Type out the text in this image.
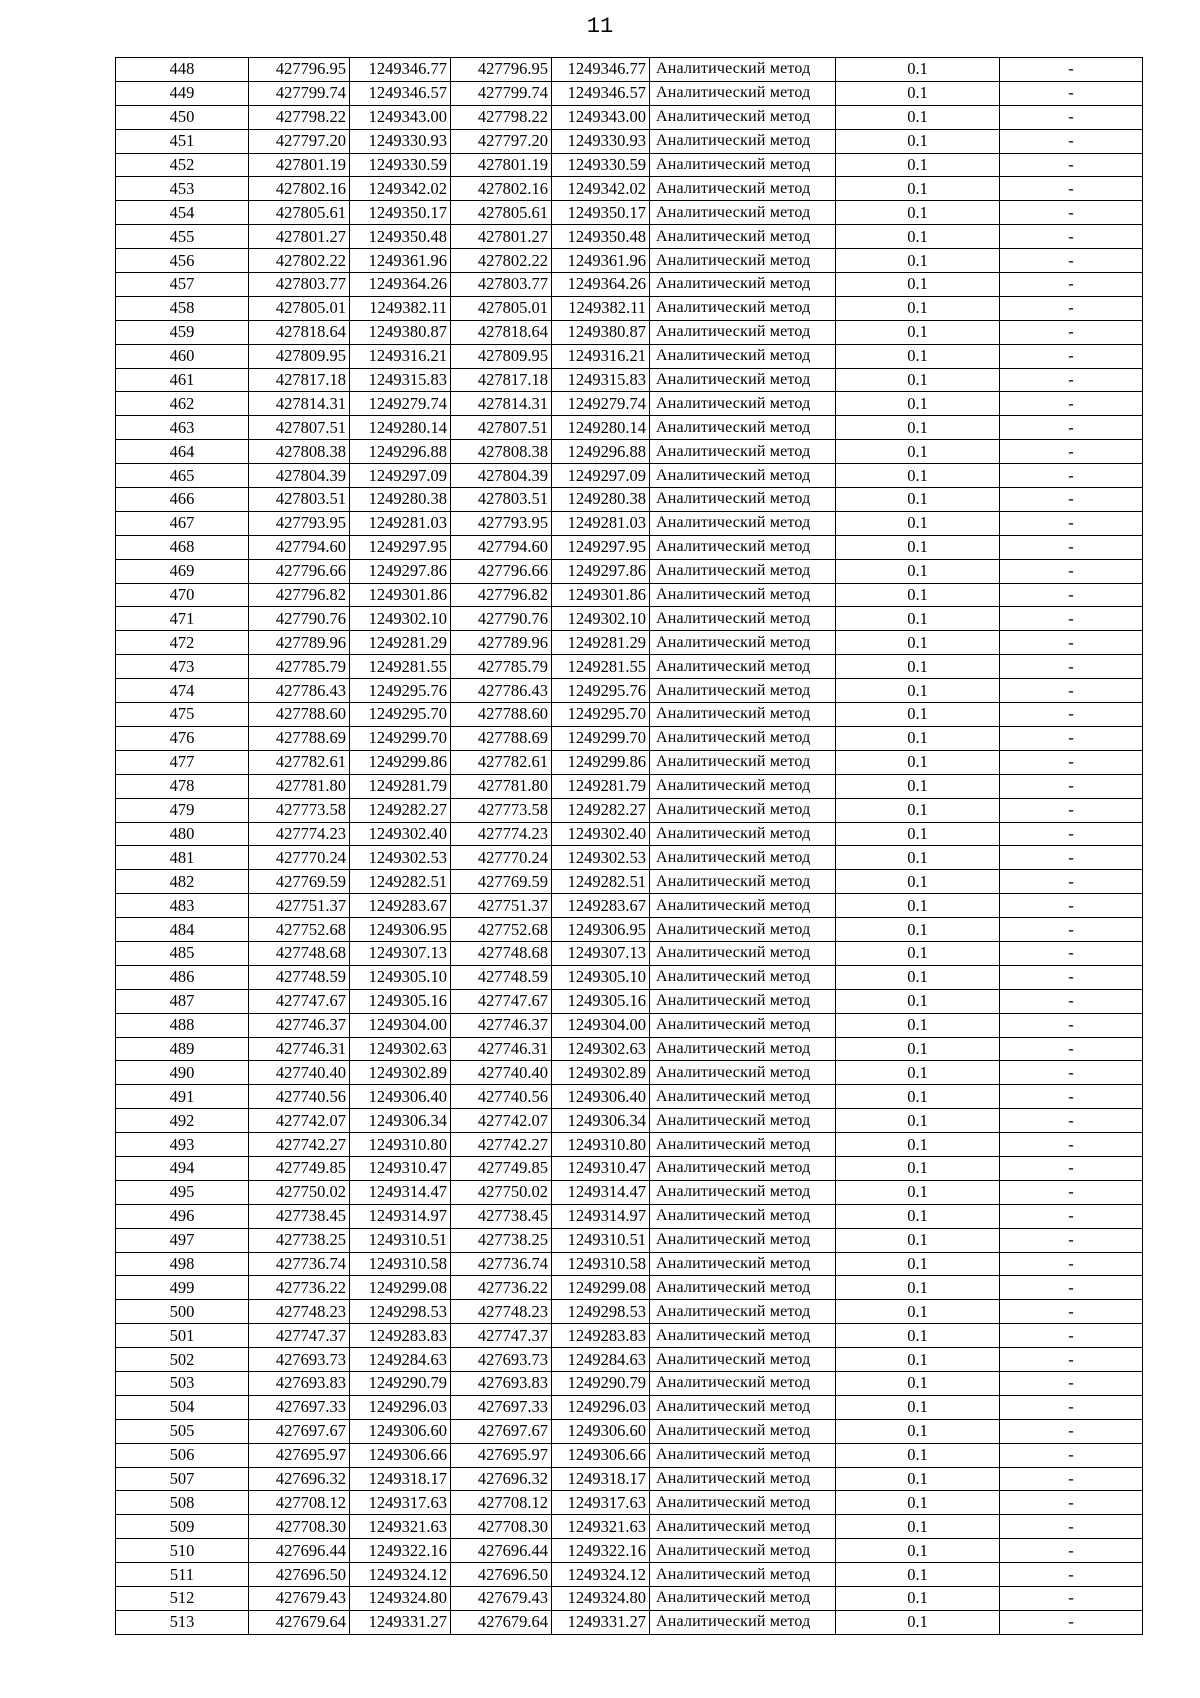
11
448	427796.95	1249346.77	427796.95	1249346.77	Аналитический метод	0.1	-
449	427799.74	1249346.57	427799.74	1249346.57	Аналитический метод	0.1	-
450	427798.22	1249343.00	427798.22	1249343.00	Аналитический метод	0.1	-
451	427797.20	1249330.93	427797.20	1249330.93	Аналитический метод	0.1	-
452	427801.19	1249330.59	427801.19	1249330.59	Аналитический метод	0.1	-
453	427802.16	1249342.02	427802.16	1249342.02	Аналитический метод	0.1	-
454	427805.61	1249350.17	427805.61	1249350.17	Аналитический метод	0.1	-
455	427801.27	1249350.48	427801.27	1249350.48	Аналитический метод	0.1	-
456	427802.22	1249361.96	427802.22	1249361.96	Аналитический метод	0.1	-
457	427803.77	1249364.26	427803.77	1249364.26	Аналитический метод	0.1	-
458	427805.01	1249382.11	427805.01	1249382.11	Аналитический метод	0.1	-
459	427818.64	1249380.87	427818.64	1249380.87	Аналитический метод	0.1	-
460	427809.95	1249316.21	427809.95	1249316.21	Аналитический метод	0.1	-
461	427817.18	1249315.83	427817.18	1249315.83	Аналитический метод	0.1	-
462	427814.31	1249279.74	427814.31	1249279.74	Аналитический метод	0.1	-
463	427807.51	1249280.14	427807.51	1249280.14	Аналитический метод	0.1	-
464	427808.38	1249296.88	427808.38	1249296.88	Аналитический метод	0.1	-
465	427804.39	1249297.09	427804.39	1249297.09	Аналитический метод	0.1	-
466	427803.51	1249280.38	427803.51	1249280.38	Аналитический метод	0.1	-
467	427793.95	1249281.03	427793.95	1249281.03	Аналитический метод	0.1	-
468	427794.60	1249297.95	427794.60	1249297.95	Аналитический метод	0.1	-
469	427796.66	1249297.86	427796.66	1249297.86	Аналитический метод	0.1	-
470	427796.82	1249301.86	427796.82	1249301.86	Аналитический метод	0.1	-
471	427790.76	1249302.10	427790.76	1249302.10	Аналитический метод	0.1	-
472	427789.96	1249281.29	427789.96	1249281.29	Аналитический метод	0.1	-
473	427785.79	1249281.55	427785.79	1249281.55	Аналитический метод	0.1	-
474	427786.43	1249295.76	427786.43	1249295.76	Аналитический метод	0.1	-
475	427788.60	1249295.70	427788.60	1249295.70	Аналитический метод	0.1	-
476	427788.69	1249299.70	427788.69	1249299.70	Аналитический метод	0.1	-
477	427782.61	1249299.86	427782.61	1249299.86	Аналитический метод	0.1	-
478	427781.80	1249281.79	427781.80	1249281.79	Аналитический метод	0.1	-
479	427773.58	1249282.27	427773.58	1249282.27	Аналитический метод	0.1	-
480	427774.23	1249302.40	427774.23	1249302.40	Аналитический метод	0.1	-
481	427770.24	1249302.53	427770.24	1249302.53	Аналитический метод	0.1	-
482	427769.59	1249282.51	427769.59	1249282.51	Аналитический метод	0.1	-
483	427751.37	1249283.67	427751.37	1249283.67	Аналитический метод	0.1	-
484	427752.68	1249306.95	427752.68	1249306.95	Аналитический метод	0.1	-
485	427748.68	1249307.13	427748.68	1249307.13	Аналитический метод	0.1	-
486	427748.59	1249305.10	427748.59	1249305.10	Аналитический метод	0.1	-
487	427747.67	1249305.16	427747.67	1249305.16	Аналитический метод	0.1	-
488	427746.37	1249304.00	427746.37	1249304.00	Аналитический метод	0.1	-
489	427746.31	1249302.63	427746.31	1249302.63	Аналитический метод	0.1	-
490	427740.40	1249302.89	427740.40	1249302.89	Аналитический метод	0.1	-
491	427740.56	1249306.40	427740.56	1249306.40	Аналитический метод	0.1	-
492	427742.07	1249306.34	427742.07	1249306.34	Аналитический метод	0.1	-
493	427742.27	1249310.80	427742.27	1249310.80	Аналитический метод	0.1	-
494	427749.85	1249310.47	427749.85	1249310.47	Аналитический метод	0.1	-
495	427750.02	1249314.47	427750.02	1249314.47	Аналитический метод	0.1	-
496	427738.45	1249314.97	427738.45	1249314.97	Аналитический метод	0.1	-
497	427738.25	1249310.51	427738.25	1249310.51	Аналитический метод	0.1	-
498	427736.74	1249310.58	427736.74	1249310.58	Аналитический метод	0.1	-
499	427736.22	1249299.08	427736.22	1249299.08	Аналитический метод	0.1	-
500	427748.23	1249298.53	427748.23	1249298.53	Аналитический метод	0.1	-
501	427747.37	1249283.83	427747.37	1249283.83	Аналитический метод	0.1	-
502	427693.73	1249284.63	427693.73	1249284.63	Аналитический метод	0.1	-
503	427693.83	1249290.79	427693.83	1249290.79	Аналитический метод	0.1	-
504	427697.33	1249296.03	427697.33	1249296.03	Аналитический метод	0.1	-
505	427697.67	1249306.60	427697.67	1249306.60	Аналитический метод	0.1	-
506	427695.97	1249306.66	427695.97	1249306.66	Аналитический метод	0.1	-
507	427696.32	1249318.17	427696.32	1249318.17	Аналитический метод	0.1	-
508	427708.12	1249317.63	427708.12	1249317.63	Аналитический метод	0.1	-
509	427708.30	1249321.63	427708.30	1249321.63	Аналитический метод	0.1	-
510	427696.44	1249322.16	427696.44	1249322.16	Аналитический метод	0.1	-
511	427696.50	1249324.12	427696.50	1249324.12	Аналитический метод	0.1	-
512	427679.43	1249324.80	427679.43	1249324.80	Аналитический метод	0.1	-
513	427679.64	1249331.27	427679.64	1249331.27	Аналитический метод	0.1	-
